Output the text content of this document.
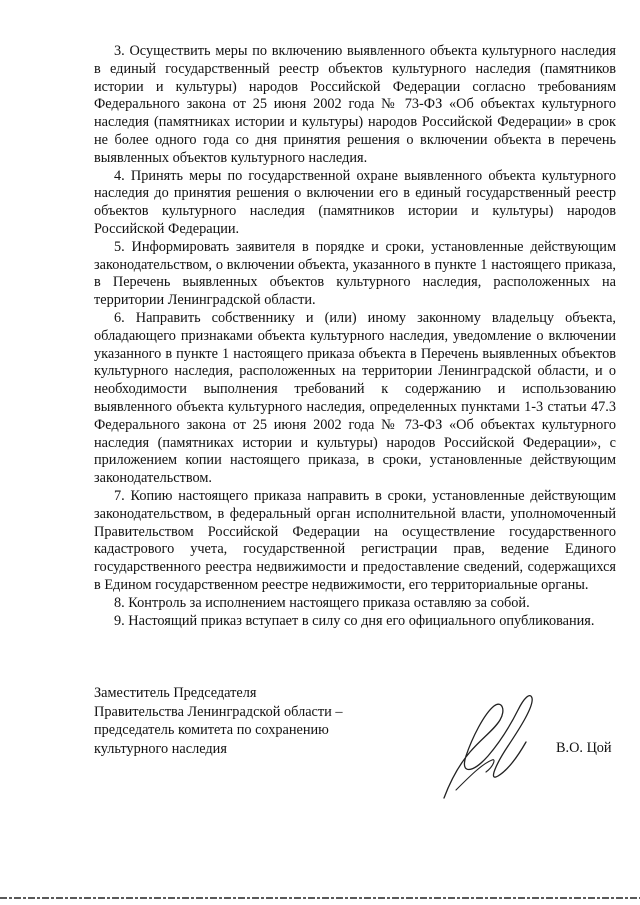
3. Осуществить меры по включению выявленного объекта культурного наследия в единый государственный реестр объектов культурного наследия (памятников истории и культуры) народов Российской Федерации согласно требованиям Федерального закона от 25 июня 2002 года № 73-ФЗ «Об объектах культурного наследия (памятниках истории и культуры) народов Российской Федерации» в срок не более одного года со дня принятия решения о включении объекта в перечень выявленных объектов культурного наследия.

4. Принять меры по государственной охране выявленного объекта культурного наследия до принятия решения о включении его в единый государственный реестр объектов культурного наследия (памятников истории и культуры) народов Российской Федерации.

5. Информировать заявителя в порядке и сроки, установленные действующим законодательством, о включении объекта, указанного в пункте 1 настоящего приказа, в Перечень выявленных объектов культурного наследия, расположенных на территории Ленинградской области.

6. Направить собственнику и (или) иному законному владельцу объекта, обладающего признаками объекта культурного наследия, уведомление о включении указанного в пункте 1 настоящего приказа объекта в Перечень выявленных объектов культурного наследия, расположенных на территории Ленинградской области, и о необходимости выполнения требований к содержанию и использованию выявленного объекта культурного наследия, определенных пунктами 1-3 статьи 47.3 Федерального закона от 25 июня 2002 года № 73-ФЗ «Об объектах культурного наследия (памятниках истории и культуры) народов Российской Федерации», с приложением копии настоящего приказа, в сроки, установленные действующим законодательством.

7. Копию настоящего приказа направить в сроки, установленные действующим законодательством, в федеральный орган исполнительной власти, уполномоченный Правительством Российской Федерации на осуществление государственного кадастрового учета, государственной регистрации прав, ведение Единого государственного реестра недвижимости и предоставление сведений, содержащихся в Едином государственном реестре недвижимости, его территориальные органы.

8. Контроль за исполнением настоящего приказа оставляю за собой.

9. Настоящий приказ вступает в силу со дня его официального опубликования.

Заместитель Председателя
Правительства Ленинградской области –
председатель комитета по сохранению
культурного наследия	В.О. Цой
